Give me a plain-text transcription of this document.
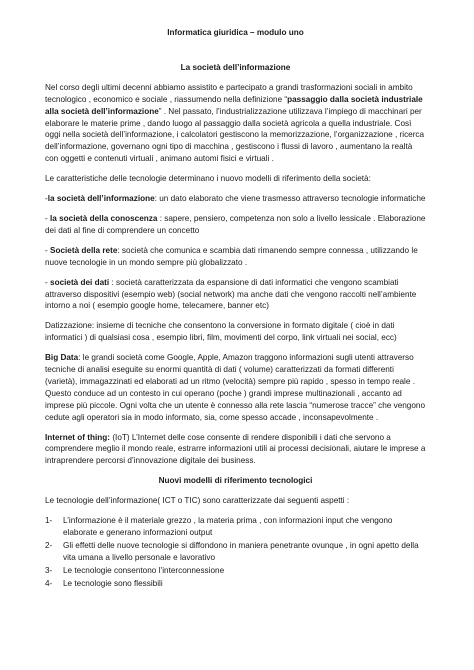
Informatica giuridica – modulo uno
La società dell’informazione

Nel corso degli ultimi decenni abbiamo assistito e partecipato a grandi trasformazioni sociali in ambito tecnologico , economico e sociale , riassumendo nella definizione “passaggio dalla società industriale alla società dell’informazione” . Nel passato, l’industrializzazione utilizzava l’impiego di macchinari per elaborare le materie prime , dando luogo al passaggio dalla società agricola a quella industriale. Così oggi nella società dell’informazione, i calcolatori gestiscono la memorizzazione, l’organizzazione , ricerca dell’informazione, governano ogni tipo di macchina , gestiscono i flussi di lavoro , aumentano la realtà con oggetti e contenuti virtuali , animano automi fisici e virtuali .

Le caratteristiche delle tecnologie determinano i nuovo modelli di riferimento della società:

-la società dell’informazione: un dato elaborato che viene trasmesso attraverso tecnologie informatiche

- la società della conoscenza : sapere, pensiero, competenza non solo a livello lessicale . Elaborazione dei dati al fine di comprendere un concetto

- Società della rete: società che comunica e scambia dati rimanendo sempre connessa , utilizzando le nuove tecnologie in un mondo sempre più globalizzato .

- società dei dati : società caratterizzata da espansione di dati informatici che vengono scambiati attraverso dispositivi (esempio web) (social network) ma anche dati che vengono raccolti nell’ambiente intorno a noi ( esempio google home, telecamere, banner etc)

Datizzazione: insieme di tecniche che consentono la conversione in formato digitale ( cioè in dati informatici ) di qualsiasi cosa , esempio libri, film, movimenti del corpo, link virtuali nei social, ecc)

Big Data: le grandi società come Google, Apple, Amazon traggono informazioni sugli utenti attraverso tecniche di analisi eseguite su enormi quantità di dati ( volume) caratterizzati da formati differenti (varietà), immagazzinati ed elaborati ad un ritmo (velocità) sempre più rapido , spesso in tempo reale . Questo conduce ad un contesto in cui operano (poche ) grandi imprese multinazionali , accanto ad imprese più piccole. Ogni volta che un utente è connesso alla rete lascia “numerose tracce” che vengono cedute agli operatori sia in modo informato, sia, come spesso accade , inconsapevolmente .

Internet of thing: (IoT) L’Internet delle cose consente di rendere disponibili i dati che servono a comprendere meglio il mondo reale, estrarre informazioni utili ai processi decisionali, aiutare le imprese a intraprendere percorsi d’innovazione digitale dei business.

Nuovi modelli di riferimento tecnologici

Le tecnologie dell’informazione( ICT o TIC) sono caratterizzate dai seguenti aspetti :

1- L’informazione è il materiale grezzo , la materia prima , con informazioni input che vengono elaborate e generano informazioni output
2- Gli effetti delle nuove tecnologie si diffondono in maniera penetrante ovunque , in ogni apetto della vita umana a livello personale e lavorativo
3- Le tecnologie consentono l’interconnessione
4- Le tecnologie sono flessibili
